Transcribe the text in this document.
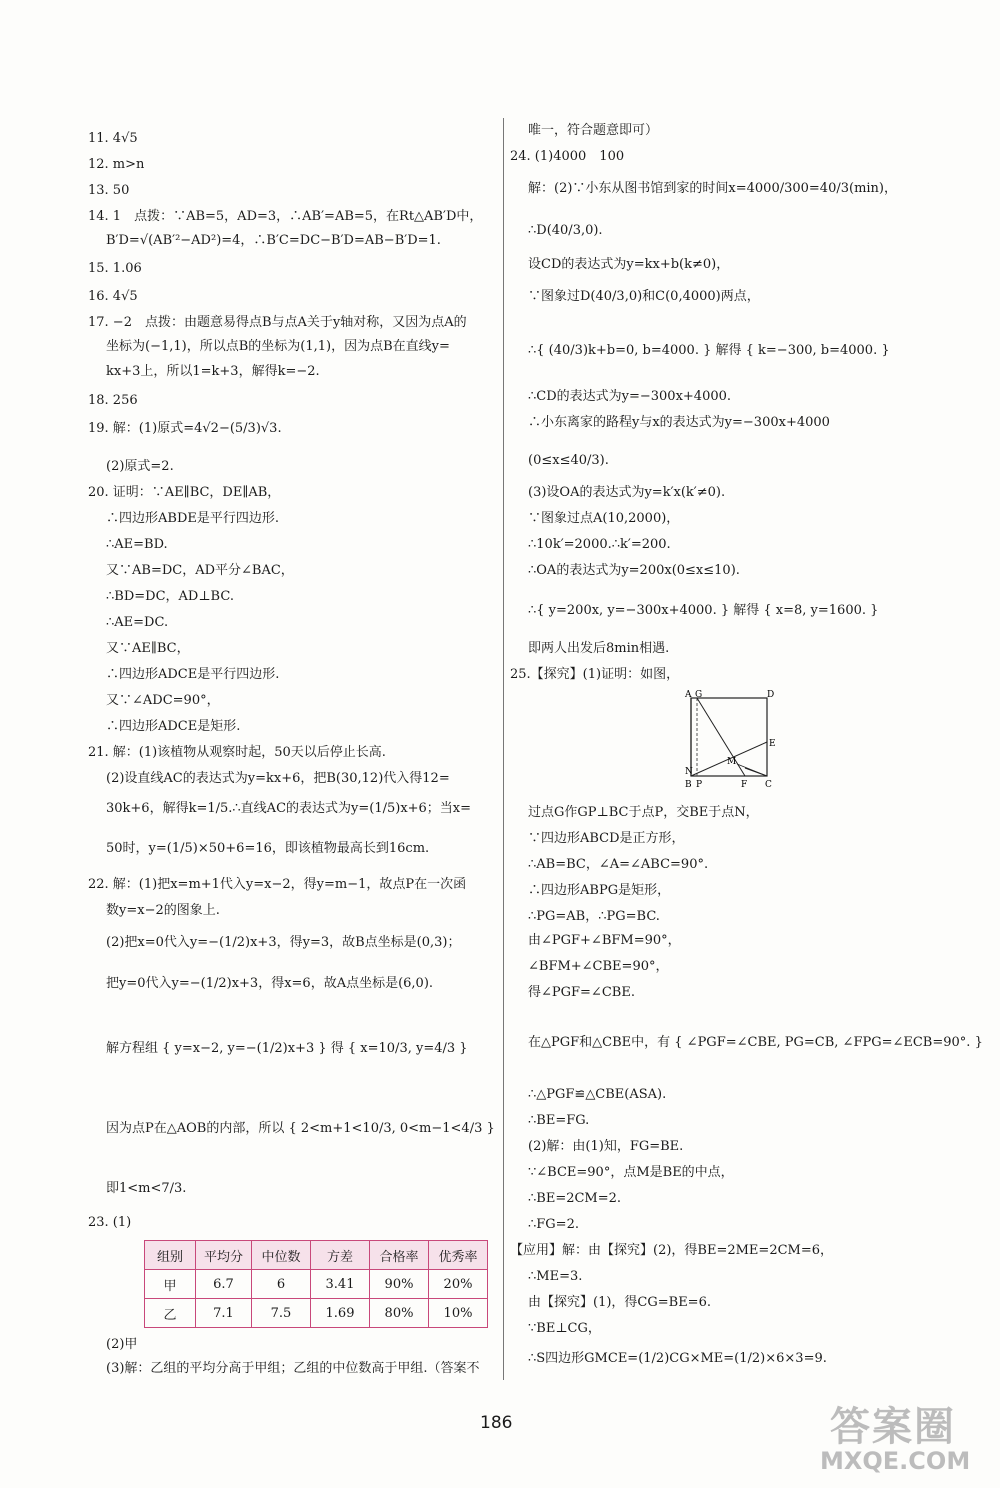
11. 4√5
12. m>n
13. 50
14. 1　点拨：∵AB=5，AD=3，∴AB′=AB=5，在Rt△AB′D中，
B′D=√(AB′²−AD²)=4，∴B′C=DC−B′D=AB−B′D=1.
15. 1.06
16. 4√5
17. −2　点拨：由题意易得点B与点A关于y轴对称，又因为点A的
坐标为(−1,1)，所以点B的坐标为(1,1)，因为点B在直线y=
kx+3上，所以1=k+3，解得k=−2.
18. 256
19. 解：(1)原式=4√2−(5/3)√3.
(2)原式=2.
20. 证明：∵AE∥BC，DE∥AB，
∴四边形ABDE是平行四边形.
∴AE=BD.
又∵AB=DC，AD平分∠BAC，
∴BD=DC，AD⊥BC.
∴AE=DC.
又∵AE∥BC，
∴四边形ADCE是平行四边形.
又∵∠ADC=90°，
∴四边形ADCE是矩形.
21. 解：(1)该植物从观察时起，50天以后停止长高.
(2)设直线AC的表达式为y=kx+6，把B(30,12)代入得12=
30k+6，解得k=1/5.∴直线AC的表达式为y=(1/5)x+6；当x=
50时，y=(1/5)×50+6=16，即该植物最高长到16cm.
22. 解：(1)把x=m+1代入y=x−2，得y=m−1，故点P在一次函
数y=x−2的图象上.
(2)把x=0代入y=−(1/2)x+3，得y=3，故B点坐标是(0,3)；
把y=0代入y=−(1/2)x+3，得x=6，故A点坐标是(6,0).
解方程组 { y=x−2, y=−(1/2)x+3 } 得 { x=10/3, y=4/3 }
因为点P在△AOB的内部，所以 { 2<m+1<10/3, 0<m−1<4/3 }
即1<m<7/3.
23. (1)
(2)甲
(3)解：乙组的平均分高于甲组；乙组的中位数高于甲组.（答案不
组别	平均分	中位数	方差	合格率	优秀率
甲	6.7	6	3.41	90%	20%
乙	7.1	7.5	1.69	80%	10%
唯一，符合题意即可）
24. (1)4000　100
解：(2)∵小东从图书馆到家的时间x=4000/300=40/3(min)，
∴D(40/3,0).
设CD的表达式为y=kx+b(k≠0)，
∵图象过D(40/3,0)和C(0,4000)两点，
∴{ (40/3)k+b=0, b=4000. } 解得 { k=−300, b=4000. }
∴CD的表达式为y=−300x+4000.
∴小东离家的路程y与x的表达式为y=−300x+4000
(0≤x≤40/3).
(3)设OA的表达式为y=k′x(k′≠0).
∵图象过点A(10,2000)，
∴10k′=2000.∴k′=200.
∴OA的表达式为y=200x(0≤x≤10).
∴{ y=200x, y=−300x+4000. } 解得 { x=8, y=1600. }
即两人出发后8min相遇.
25.【探究】(1)证明：如图，
过点G作GP⊥BC于点P，交BE于点N，
∵四边形ABCD是正方形，
∴AB=BC，∠A=∠ABC=90°.
∴四边形ABPG是矩形，
∴PG=AB，∴PG=BC.
由∠PGF+∠BFM=90°，
∠BFM+∠CBE=90°，
得∠PGF=∠CBE.
在△PGF和△CBE中，有 { ∠PGF=∠CBE, PG=CB, ∠FPG=∠ECB=90°. }
∴△PGF≌△CBE(ASA).
∴BE=FG.
(2)解：由(1)知，FG=BE.
∵∠BCE=90°，点M是BE的中点，
∴BE=2CM=2.
∴FG=2.
【应用】解：由【探究】(2)，得BE=2ME=2CM=6，
∴ME=3.
由【探究】(1)，得CG=BE=6.
∵BE⊥CG，
∴S四边形GMCE=(1/2)CG×ME=(1/2)×6×3=9.
A G	D
E
M
N
B P	F C
186	答案圈
MXQE.COM
